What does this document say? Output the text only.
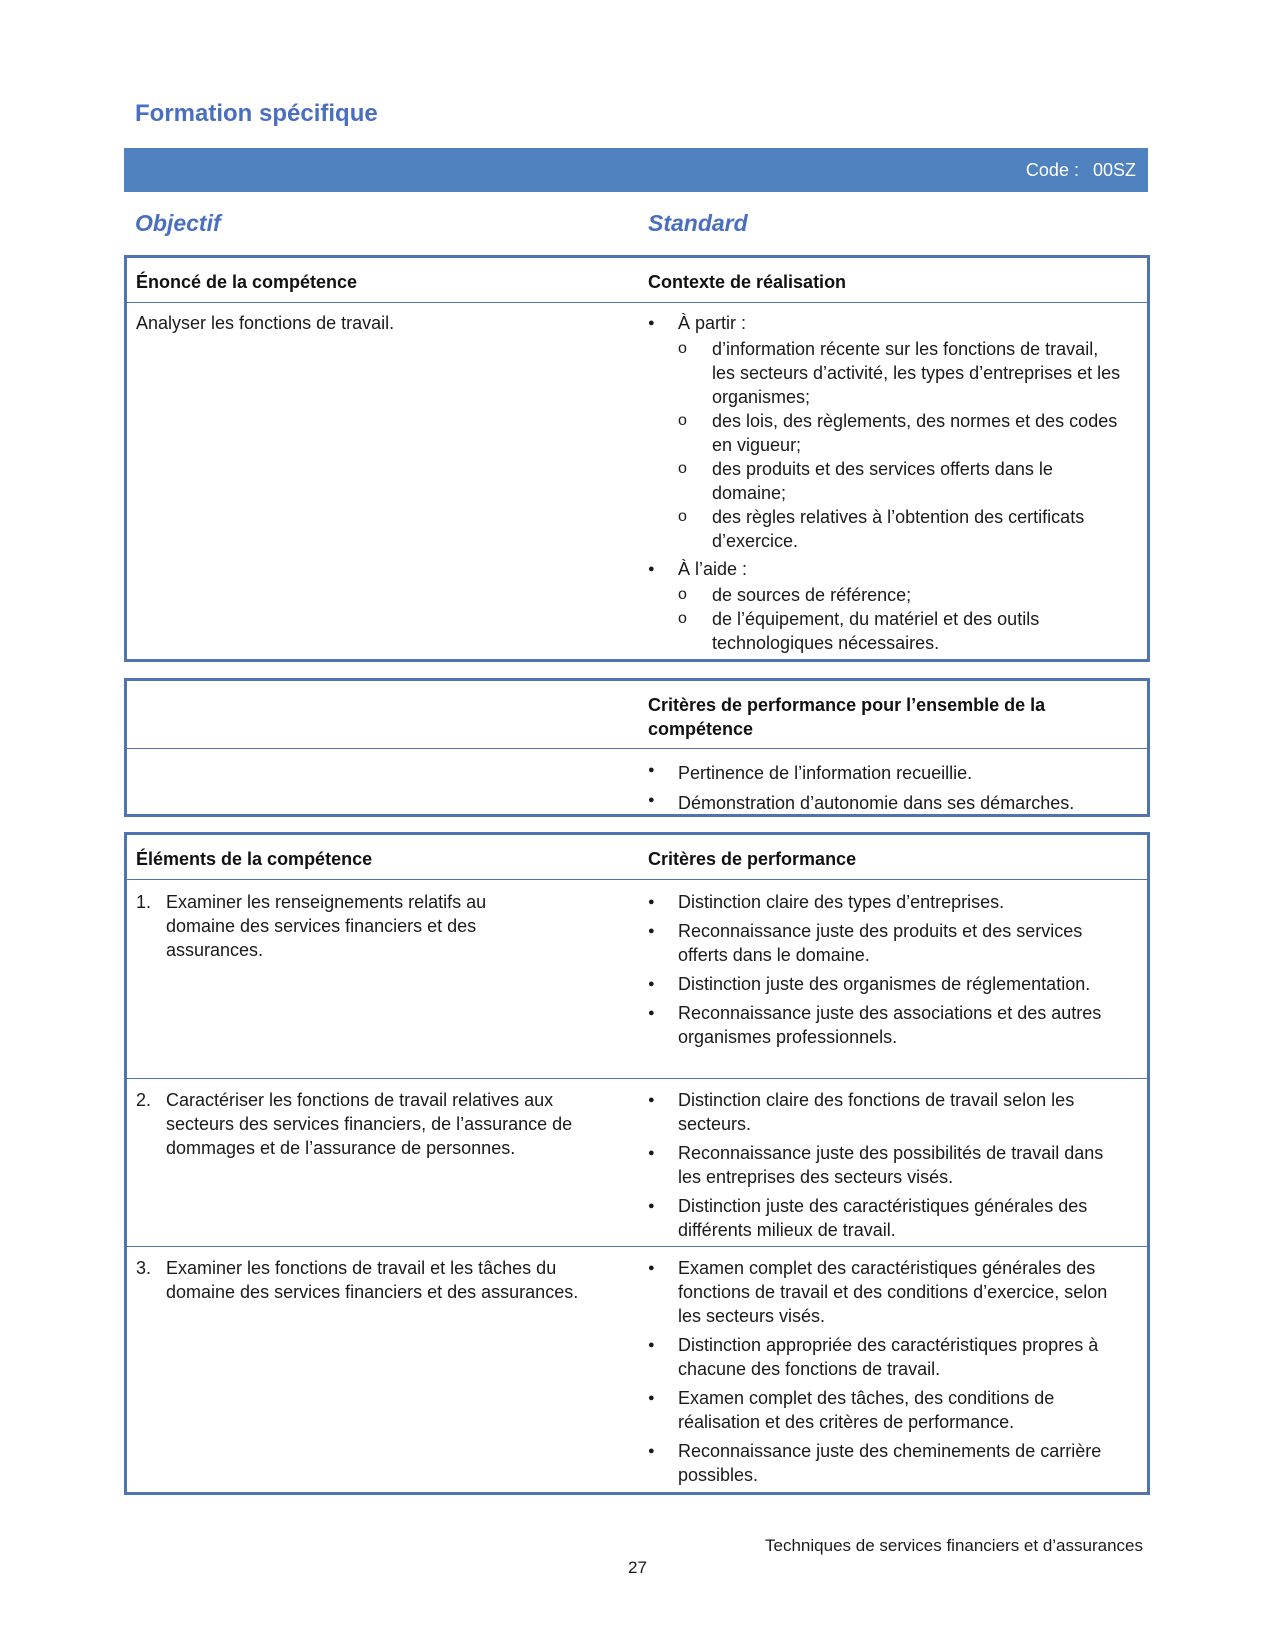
Formation spécifique
Code : 00SZ
Objectif	Standard
Énoncé de la compétence	Contexte de réalisation
Analyser les fonctions de travail.
●	À partir :
o d’information récente sur les fonctions de travail, les secteurs d’activité, les types d’entreprises et les organismes;
o des lois, des règlements, des normes et des codes en vigueur;
o des produits et des services offerts dans le domaine;
o des règles relatives à l’obtention des certificats d’exercice.
● À l’aide :
o de sources de référence;
o de l’équipement, du matériel et des outils technologiques nécessaires.
Critères de performance pour l’ensemble de la compétence
● Pertinence de l’information recueillie.
● Démonstration d’autonomie dans ses démarches.
Éléments de la compétence	Critères de performance
1. Examiner les renseignements relatifs au domaine des services financiers et des assurances.
● Distinction claire des types d’entreprises.
● Reconnaissance juste des produits et des services offerts dans le domaine.
● Distinction juste des organismes de réglementation.
● Reconnaissance juste des associations et des autres organismes professionnels.
2. Caractériser les fonctions de travail relatives aux secteurs des services financiers, de l’assurance de dommages et de l’assurance de personnes.
● Distinction claire des fonctions de travail selon les secteurs.
● Reconnaissance juste des possibilités de travail dans les entreprises des secteurs visés.
● Distinction juste des caractéristiques générales des différents milieux de travail.
3. Examiner les fonctions de travail et les tâches du domaine des services financiers et des assurances.
● Examen complet des caractéristiques générales des fonctions de travail et des conditions d’exercice, selon les secteurs visés.
● Distinction appropriée des caractéristiques propres à chacune des fonctions de travail.
● Examen complet des tâches, des conditions de réalisation et des critères de performance.
● Reconnaissance juste des cheminements de carrière possibles.
Techniques de services financiers et d’assurances
27
